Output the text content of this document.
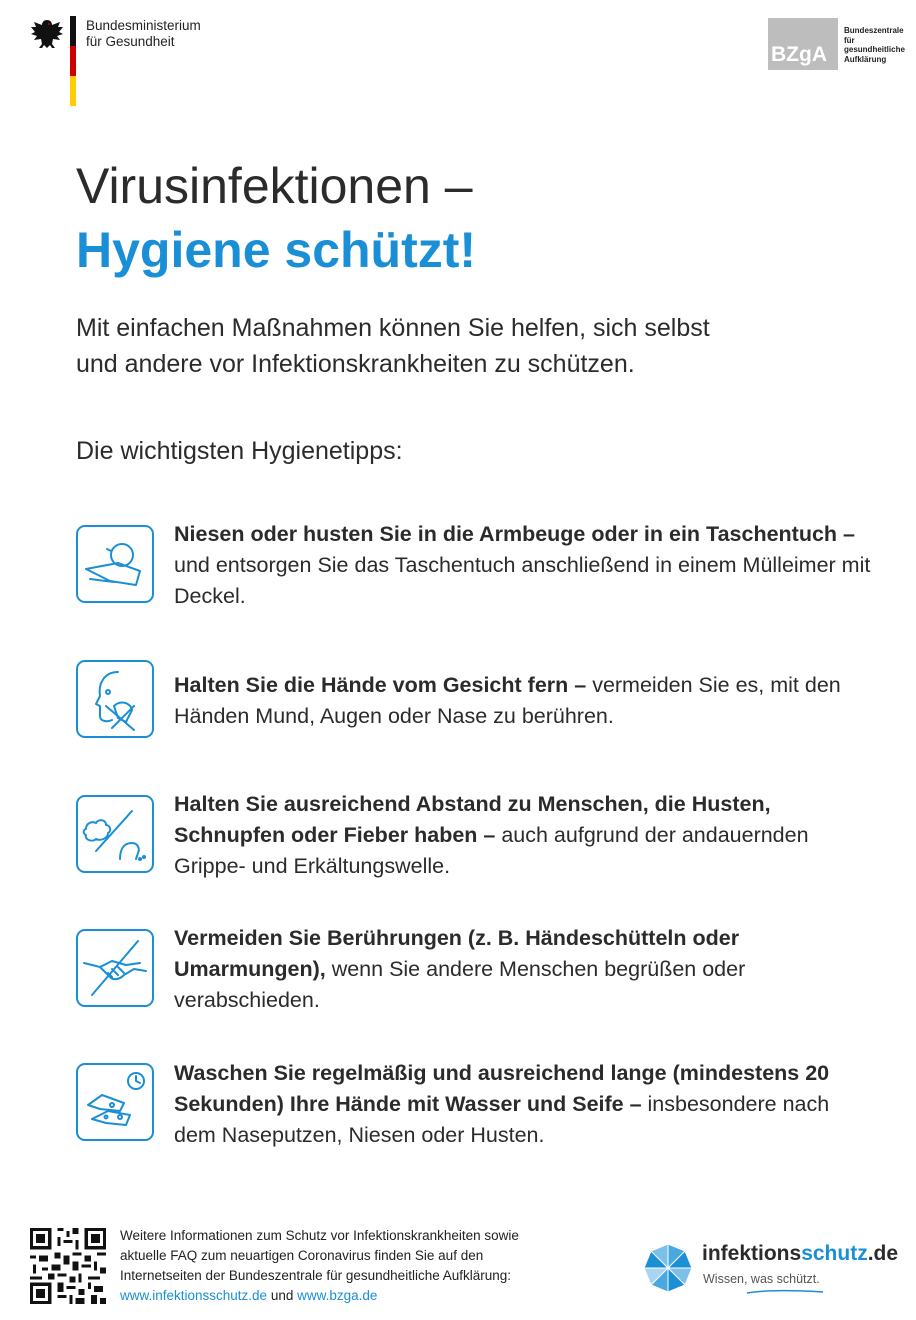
Bundesministerium
für Gesundheit
BZgA
Bundeszentrale
für
gesundheitliche
Aufklärung
Virusinfektionen –
Hygiene schützt!
Mit einfachen Maßnahmen können Sie helfen, sich selbst
und andere vor Infektionskrankheiten zu schützen.
Die wichtigsten Hygienetipps:
Niesen oder husten Sie in die Armbeuge oder in ein Taschentuch – und entsorgen Sie das Taschentuch anschließend in einem Mülleimer mit Deckel.
Halten Sie die Hände vom Gesicht fern – vermeiden Sie es, mit den Händen Mund, Augen oder Nase zu berühren.
Halten Sie ausreichend Abstand zu Menschen, die Husten, Schnupfen oder Fieber haben – auch aufgrund der andauernden Grippe- und Erkältungswelle.
Vermeiden Sie Berührungen (z. B. Händeschütteln oder Umarmungen), wenn Sie andere Menschen begrüßen oder verabschieden.
Waschen Sie regelmäßig und ausreichend lange (mindestens 20 Sekunden) Ihre Hände mit Wasser und Seife – insbesondere nach dem Naseputzen, Niesen oder Husten.
Weitere Informationen zum Schutz vor Infektionskrankheiten sowie
aktuelle FAQ zum neuartigen Coronavirus finden Sie auf den
Internetseiten der Bundeszentrale für gesundheitliche Aufklärung:
www.infektionsschutz.de und www.bzga.de
infektionsschutz.de
Wissen, was schützt.
